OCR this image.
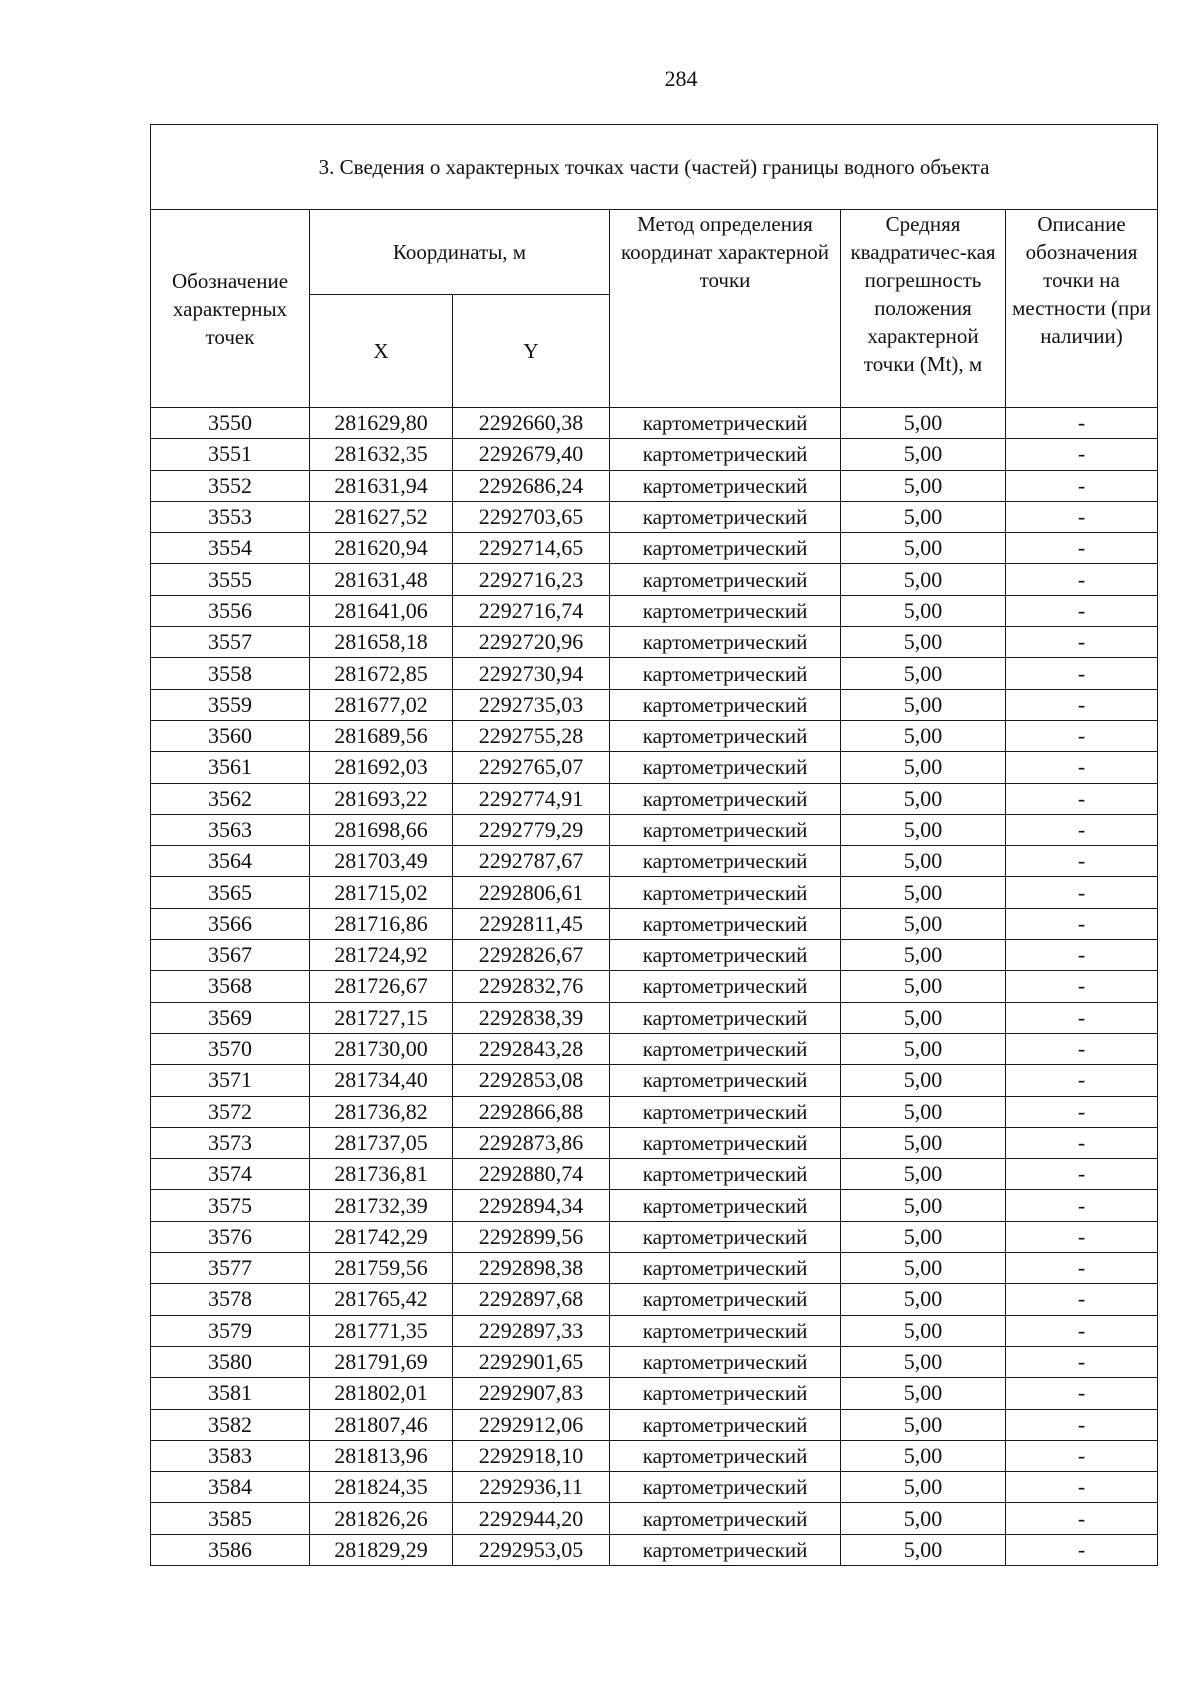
284
3. Сведения о характерных точках части (частей) границы водного объекта					
Обозначение характерных точек	Координаты, м		Метод определения координат характерной точки	Средняя квадратичес-кая погрешность положения характерной точки (Mt), м	Описание обозначения точки на местности (при наличии)
	X	Y			
3550	281629,80	2292660,38	картометрический	5,00	-
3551	281632,35	2292679,40	картометрический	5,00	-
3552	281631,94	2292686,24	картометрический	5,00	-
3553	281627,52	2292703,65	картометрический	5,00	-
3554	281620,94	2292714,65	картометрический	5,00	-
3555	281631,48	2292716,23	картометрический	5,00	-
3556	281641,06	2292716,74	картометрический	5,00	-
3557	281658,18	2292720,96	картометрический	5,00	-
3558	281672,85	2292730,94	картометрический	5,00	-
3559	281677,02	2292735,03	картометрический	5,00	-
3560	281689,56	2292755,28	картометрический	5,00	-
3561	281692,03	2292765,07	картометрический	5,00	-
3562	281693,22	2292774,91	картометрический	5,00	-
3563	281698,66	2292779,29	картометрический	5,00	-
3564	281703,49	2292787,67	картометрический	5,00	-
3565	281715,02	2292806,61	картометрический	5,00	-
3566	281716,86	2292811,45	картометрический	5,00	-
3567	281724,92	2292826,67	картометрический	5,00	-
3568	281726,67	2292832,76	картометрический	5,00	-
3569	281727,15	2292838,39	картометрический	5,00	-
3570	281730,00	2292843,28	картометрический	5,00	-
3571	281734,40	2292853,08	картометрический	5,00	-
3572	281736,82	2292866,88	картометрический	5,00	-
3573	281737,05	2292873,86	картометрический	5,00	-
3574	281736,81	2292880,74	картометрический	5,00	-
3575	281732,39	2292894,34	картометрический	5,00	-
3576	281742,29	2292899,56	картометрический	5,00	-
3577	281759,56	2292898,38	картометрический	5,00	-
3578	281765,42	2292897,68	картометрический	5,00	-
3579	281771,35	2292897,33	картометрический	5,00	-
3580	281791,69	2292901,65	картометрический	5,00	-
3581	281802,01	2292907,83	картометрический	5,00	-
3582	281807,46	2292912,06	картометрический	5,00	-
3583	281813,96	2292918,10	картометрический	5,00	-
3584	281824,35	2292936,11	картометрический	5,00	-
3585	281826,26	2292944,20	картометрический	5,00	-
3586	281829,29	2292953,05	картометрический	5,00	-
